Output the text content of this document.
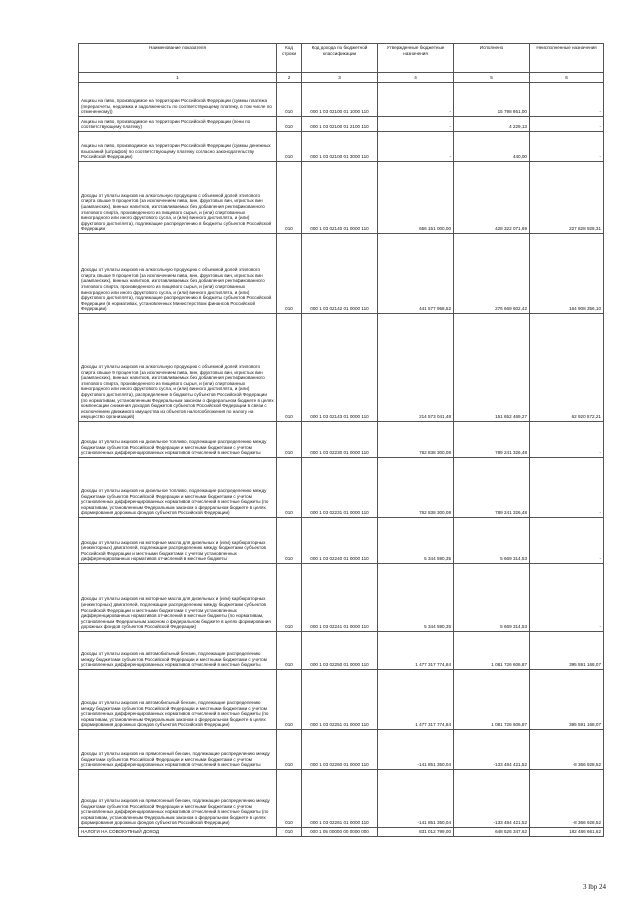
Наименование показателя	Код строки	Код дохода по бюджетной классификации	Утвержденные бюджетные назначения	Исполнено	Неисполненные назначения
1	2	3	4	5	6
Акцизы на пиво, производимое на территории Российской Федерации (суммы платежа (перерасчеты, недоимка и задолженность по соответствующему платежу, в том числе по отмененному))	010	000 1 03 02100 01 1000 110	-	15 798 951,00	-
Акцизы на пиво, производимое на территории Российской Федерации (пени по соответствующему платежу)	010	000 1 03 02100 01 2100 110	-	4 229,13	-
Акцизы на пиво, производимое на территории Российской Федерации (суммы денежных взысканий (штрафов) по соответствующему платежу согласно законодательству Российской Федерации)	010	000 1 03 02100 01 3000 110	-	440,00	-
Доходы от уплаты акцизов на алкогольную продукцию с объемной долей этилового спирта свыше 9 процентов (за исключением пива, вин, фруктовых вин, игристых вин (шампанских), винных напитков, изготавливаемых без добавления ректификованного этилового спирта, произведенного из пищевого сырья, и (или) спиртованных виноградного или иного фруктового сусла, и (или) винного дистиллята, и (или) фруктового дистиллята), подлежащие распределению в бюджеты субъектов Российской Федерации	010	000 1 03 02140 01 0000 110	656 151 000,00	428 322 071,69	227 828 928,31
Доходы от уплаты акцизов на алкогольную продукцию с объемной долей этилового спирта свыше 9 процентов (за исключением пива, вин, фруктовых вин, игристых вин (шампанских), винных напитков, изготавливаемых без добавления ректификованного этилового спирта, произведенного из пищевого сырья, и (или) спиртованных виноградного или иного фруктового сусла, и (или) винного дистиллята, и (или) фруктового дистиллята), подлежащие распределению в бюджеты субъектов Российской Федерации (в нормативах, установленных Министерством финансов Российской Федерации)	010	000 1 03 02142 01 0000 110	441 577 958,52	276 669 602,42	164 908 356,10
Доходы от уплаты акцизов на алкогольную продукцию с объемной долей этилового спирта свыше 9 процентов (за исключением пива, вин, фруктовых вин, игристых вин (шампанских), винных напитков, изготавливаемых без добавления ректификованного этилового спирта, произведенного из пищевого сырья, и (или) спиртованных виноградного или иного фруктового сусла, и (или) винного дистиллята, и (или) фруктового дистиллята), распределение в бюджеты субъектов Российской Федерации (по нормативам, установленным Федеральным законом о федеральном бюджете в целях компенсации снижения доходов бюджетов субъектов Российской Федерации в связи с исключением движимого имущества из объектов налогообложения по налогу на имущество организаций)	010	000 1 03 02143 01 0000 110	214 573 041,48	151 652 469,27	62 920 572,21
Доходы от уплаты акцизов на дизельное топливо, подлежащие распределению между бюджетами субъектов Российской Федерации и местными бюджетами с учетом установленных дифференцированных нормативов отчислений в местные бюджеты	010	000 1 03 02230 01 0000 110	762 838 300,08	789 241 326,48	-
Доходы от уплаты акцизов на дизельное топливо, подлежащие распределению между бюджетами субъектов Российской Федерации и местными бюджетами с учетом установленных дифференцированных нормативов отчислений в местные бюджеты (по нормативам, установленным Федеральным законом о федеральном бюджете в целях формирования дорожных фондов субъектов Российской Федерации)	010	000 1 03 02231 01 0000 110	762 838 300,08	789 241 326,48	-
Доходы от уплаты акцизов на моторные масла для дизельных и (или) карбюраторных (инжекторных) двигателей, подлежащие распределению между бюджетами субъектов Российской Федерации и местными бюджетами с учетом установленных дифференцированных нормативов отчислений в местные бюджеты	010	000 1 03 02240 01 0000 110	5 344 590,35	5 669 314,53	-
Доходы от уплаты акцизов на моторные масла для дизельных и (или) карбюраторных (инжекторных) двигателей, подлежащие распределению между бюджетами субъектов Российской Федерации и местными бюджетами с учетом установленных дифференцированных нормативов отчислений в местные бюджеты (по нормативам, установленным Федеральным законом о федеральном бюджете в целях формирования дорожных фондов субъектов Российской Федерации)	010	000 1 03 02241 01 0000 110	5 344 590,35	5 669 314,53	-
Доходы от уплаты акцизов на автомобильный бензин, подлежащие распределению между бюджетами субъектов Российской Федерации и местными бюджетами с учетом установленных дифференцированных нормативов отчислений в местные бюджеты	010	000 1 03 02250 01 0000 110	1 477 317 774,84	1 081 726 606,87	395 591 168,07
Доходы от уплаты акцизов на автомобильный бензин, подлежащие распределению между бюджетами субъектов Российской Федерации и местными бюджетами с учетом установленных дифференцированных нормативов отчислений в местные бюджеты (по нормативам, установленным Федеральным законом о федеральном бюджете в целях формирования дорожных фондов субъектов Российской Федерации)	010	000 1 03 02251 01 0000 110	1 477 317 774,84	1 081 726 606,87	395 591 168,07
Доходы от уплаты акцизов на прямогонный бензин, подлежащие распределению между бюджетами субъектов Российской Федерации и местными бюджетами с учетом установленных дифференцированных нормативов отчислений в местные бюджеты	010	000 1 03 02260 01 0000 110	-141 851 350,04	-133 484 421,52	-8 366 928,52
Доходы от уплаты акцизов на прямогонный бензин, подлежащие распределению между бюджетами субъектов Российской Федерации и местными бюджетами с учетом установленных дифференцированных нормативов отчислений в местные бюджеты (по нормативам, установленным Федеральным законом о федеральном бюджете в целях формирования дорожных фондов субъектов Российской Федерации)	010	000 1 03 02261 01 0000 110	-141 851 350,04	-133 484 421,52	-8 366 928,52
НАЛОГИ НА СОВОКУПНЫЙ ДОХОД	010	000 1 05 00000 00 0000 000	831 012 799,00	648 526 347,62	182 486 661,62
3 lbp 24
